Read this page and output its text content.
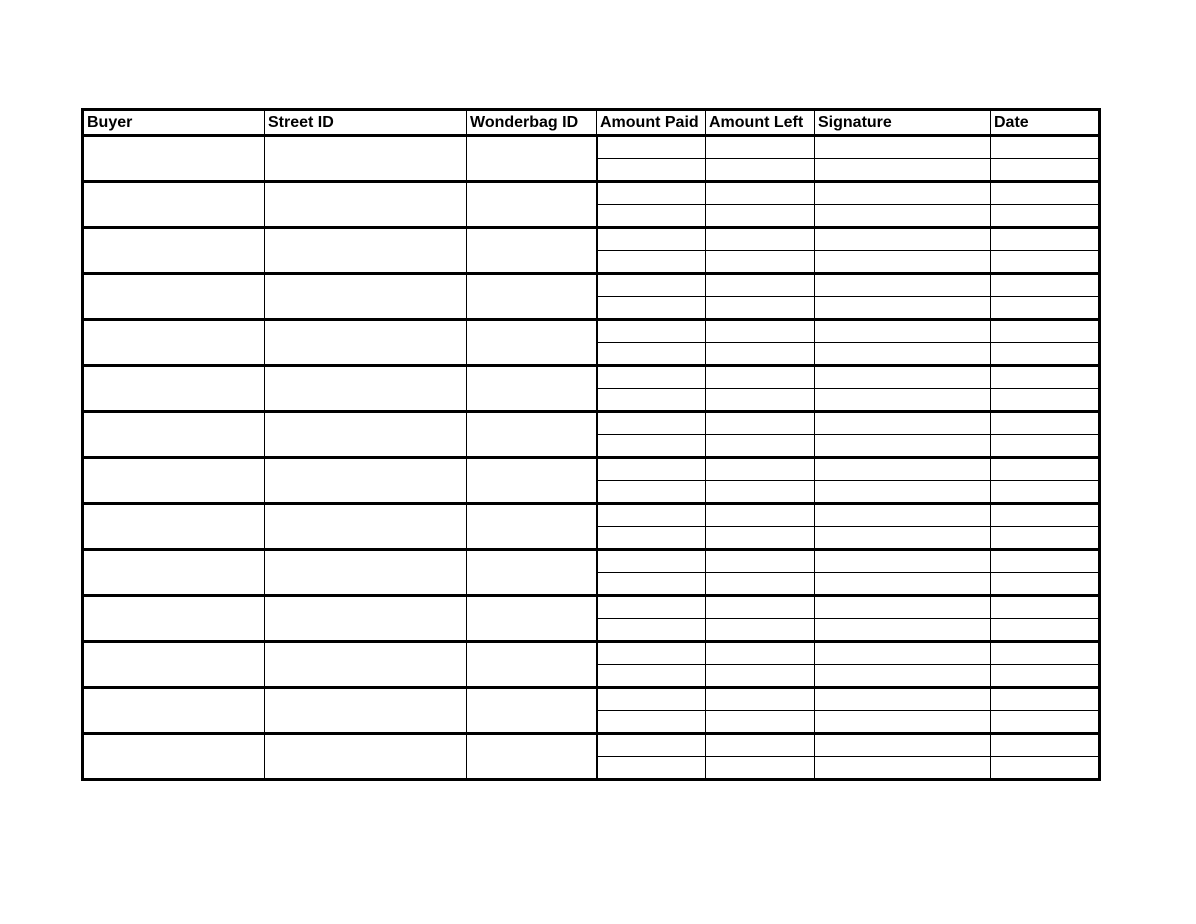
Buyer	Street ID	Wonderbag ID	Amount Paid	Amount Left	Signature	Date
